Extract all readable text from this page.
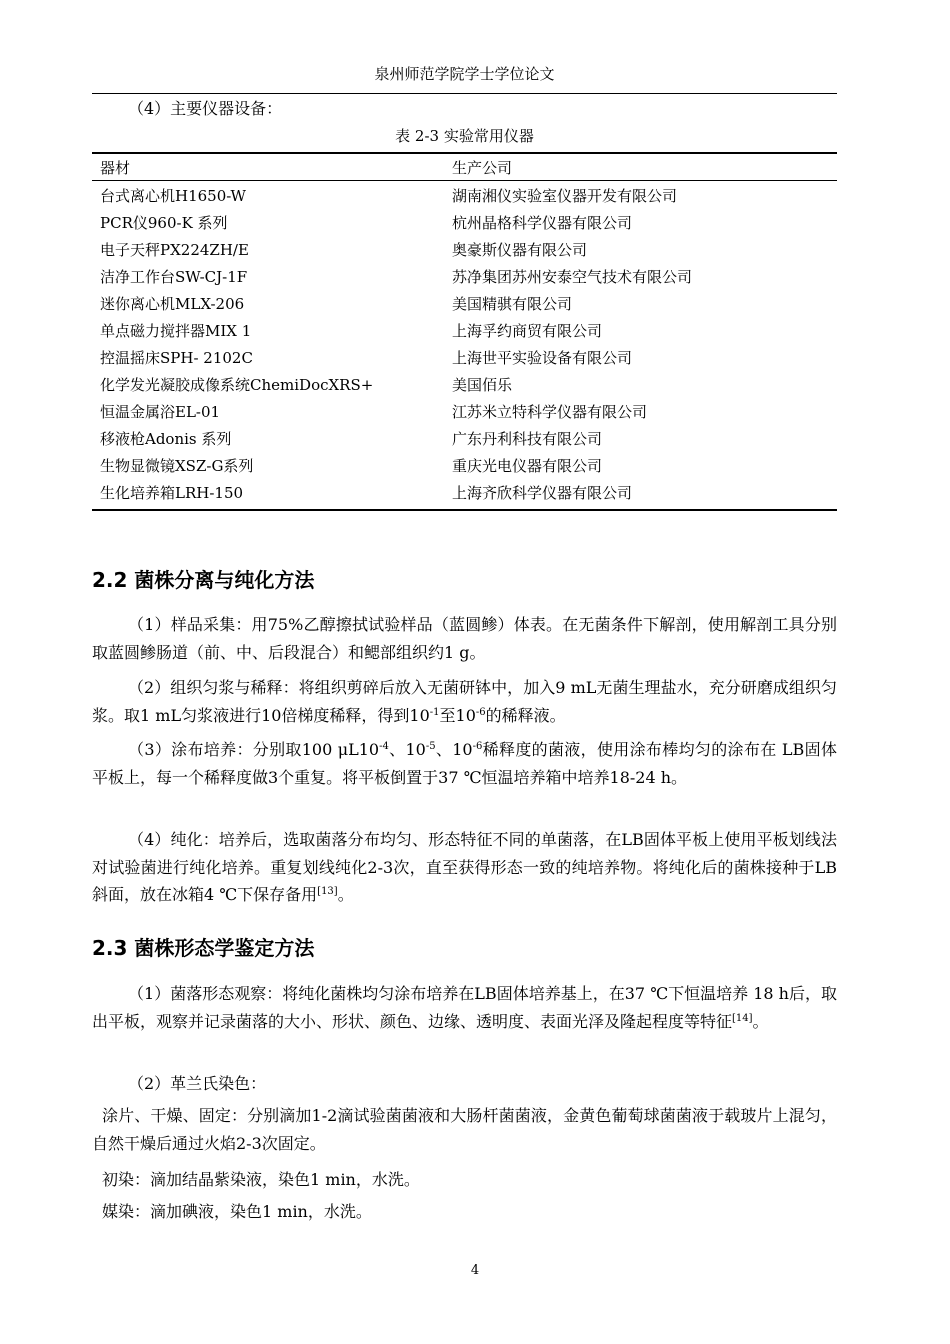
泉州师范学院学士学位论文
（4）主要仪器设备：
表 2-3 实验常用仪器
器材	生产公司
台式离心机H1650-W	湖南湘仪实验室仪器开发有限公司
PCR仪960-K 系列	杭州晶格科学仪器有限公司
电子天秤PX224ZH/E	奥豪斯仪器有限公司
洁净工作台SW-CJ-1F	苏净集团苏州安泰空气技术有限公司
迷你离心机MLX-206	美国精骐有限公司
单点磁力搅拌器MIX 1	上海孚约商贸有限公司
控温摇床SPH- 2102C	上海世平实验设备有限公司
化学发光凝胶成像系统ChemiDocXRS+	美国佰乐
恒温金属浴EL-01	江苏米立特科学仪器有限公司
移液枪Adonis 系列	广东丹利科技有限公司
生物显微镜XSZ-G系列	重庆光电仪器有限公司
生化培养箱LRH-150	上海齐欣科学仪器有限公司
2.2 菌株分离与纯化方法
（1）样品采集：用75%乙醇擦拭试验样品（蓝圆鲹）体表。在无菌条件下解剖，使用解剖工具分别取蓝圆鲹肠道（前、中、后段混合）和鳃部组织约1 g。
（2）组织匀浆与稀释：将组织剪碎后放入无菌研钵中，加入9 mL无菌生理盐水，充分研磨成组织匀浆。取1 mL匀浆液进行10倍梯度稀释，得到$10^{-1}$至$10^{-6}$的稀释液。
（3）涂布培养：分别取100 $\mu L10^{-4}$、$10^{-5}$、$10^{-6}$稀释度的菌液，使用涂布棒均匀的涂布在 LB固体平板上，每一个稀释度做3个重复。将平板倒置于37 ℃恒温培养箱中培养18-24 h。
（4）纯化：培养后，选取菌落分布均匀、形态特征不同的单菌落，在LB固体平板上使用平板划线法对试验菌进行纯化培养。重复划线纯化2-3次，直至获得形态一致的纯培养物。将纯化后的菌株接种于LB斜面，放在冰箱4 ℃下保存备用[13]。
2.3 菌株形态学鉴定方法
（1）菌落形态观察：将纯化菌株均匀涂布培养在LB固体培养基上，在37 ℃下恒温培养 18 h后，取出平板，观察并记录菌落的大小、形状、颜色、边缘、透明度、表面光泽及隆起程度等特征[14]。
（2）革兰氏染色：
涂片、干燥、固定：分别滴加1-2滴试验菌菌液和大肠杆菌菌液，金黄色葡萄球菌菌液于载玻片上混匀，自然干燥后通过火焰2-3次固定。
初染：滴加结晶紫染液，染色1 min，水洗。
媒染：滴加碘液，染色1 min，水洗。
4
